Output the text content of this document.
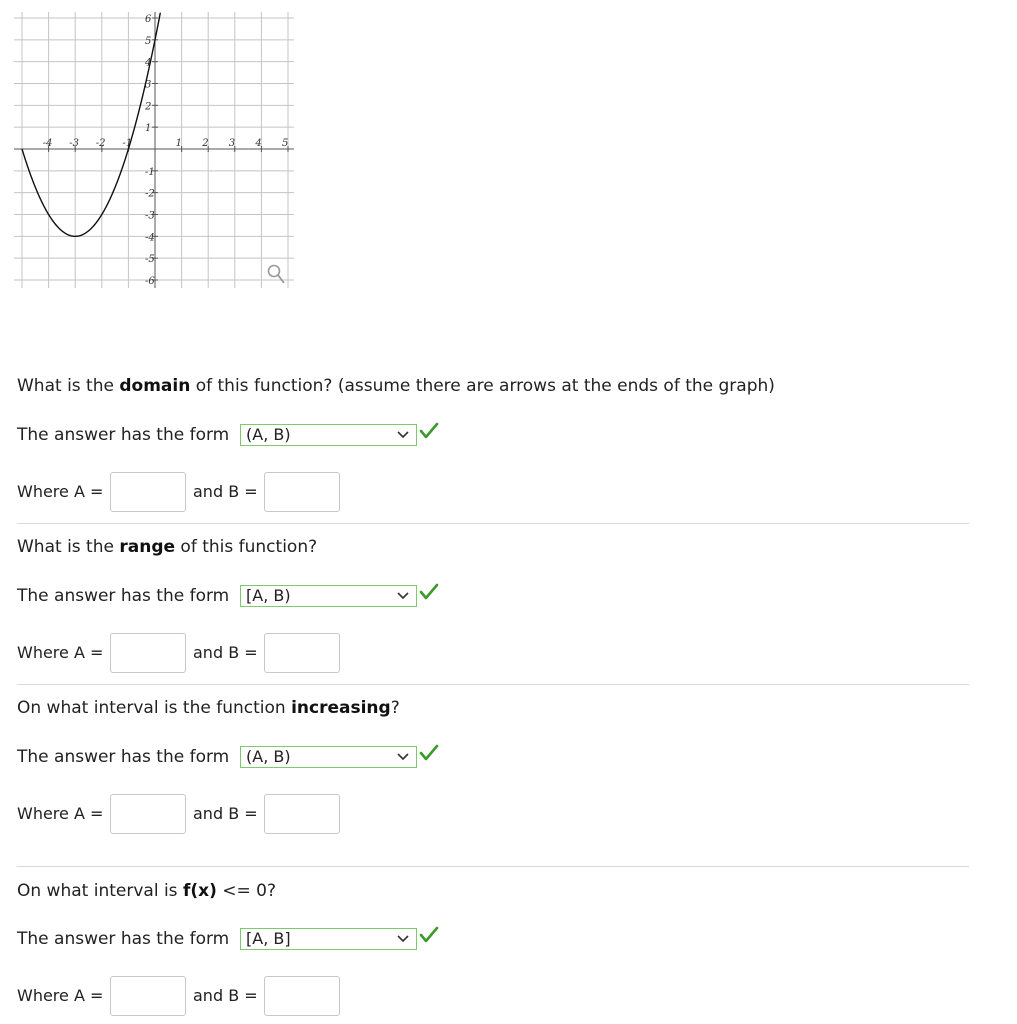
-4 -3 -2 -1	1 2 3 4 5
1
2
3
4
5
6
-1
-2
-3
-4
-5
-6
What is the domain of this function? (assume there are arrows at the ends of the graph)
The answer has the form	(A, B)
Where A =	and B =
What is the range of this function?
The answer has the form	[A, B)
Where A =	and B =
On what interval is the function increasing?
The answer has the form	(A, B)
Where A =	and B =
On what interval is f(x) <= 0?
The answer has the form	[A, B]
Where A =	and B =
